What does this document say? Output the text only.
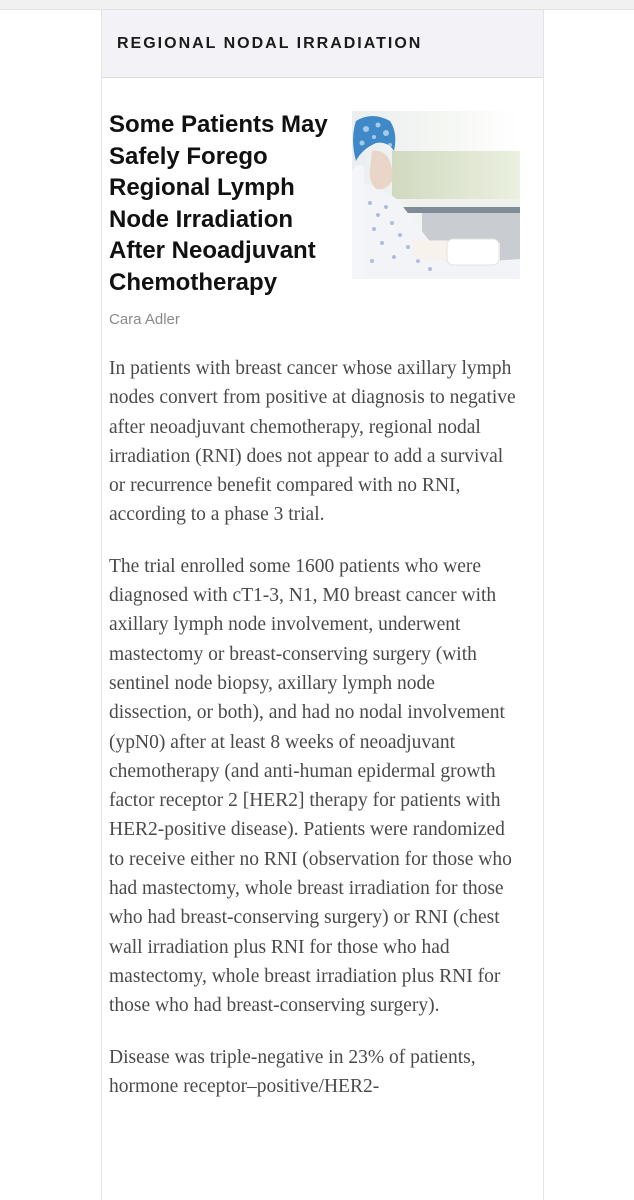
REGIONAL NODAL IRRADIATION
Some Patients May Safely Forego Regional Lymph Node Irradiation After Neoadjuvant Chemotherapy
Cara Adler

In patients with breast cancer whose axillary lymph nodes convert from positive at diagnosis to negative after neoadjuvant chemotherapy, regional nodal irradiation (RNI) does not appear to add a survival or recurrence benefit compared with no RNI, according to a phase 3 trial.

The trial enrolled some 1600 patients who were diagnosed with cT1-3, N1, M0 breast cancer with axillary lymph node involvement, underwent mastectomy or breast-conserving surgery (with sentinel node biopsy, axillary lymph node dissection, or both), and had no nodal involvement (ypN0) after at least 8 weeks of neoadjuvant chemotherapy (and anti-human epidermal growth factor receptor 2 [HER2] therapy for patients with HER2-positive disease). Patients were randomized to receive either no RNI (observation for those who had mastectomy, whole breast irradiation for those who had breast-conserving surgery) or RNI (chest wall irradiation plus RNI for those who had mastectomy, whole breast irradiation plus RNI for those who had breast-conserving surgery).

Disease was triple-negative in 23% of patients, hormone receptor–positive/HER2-
